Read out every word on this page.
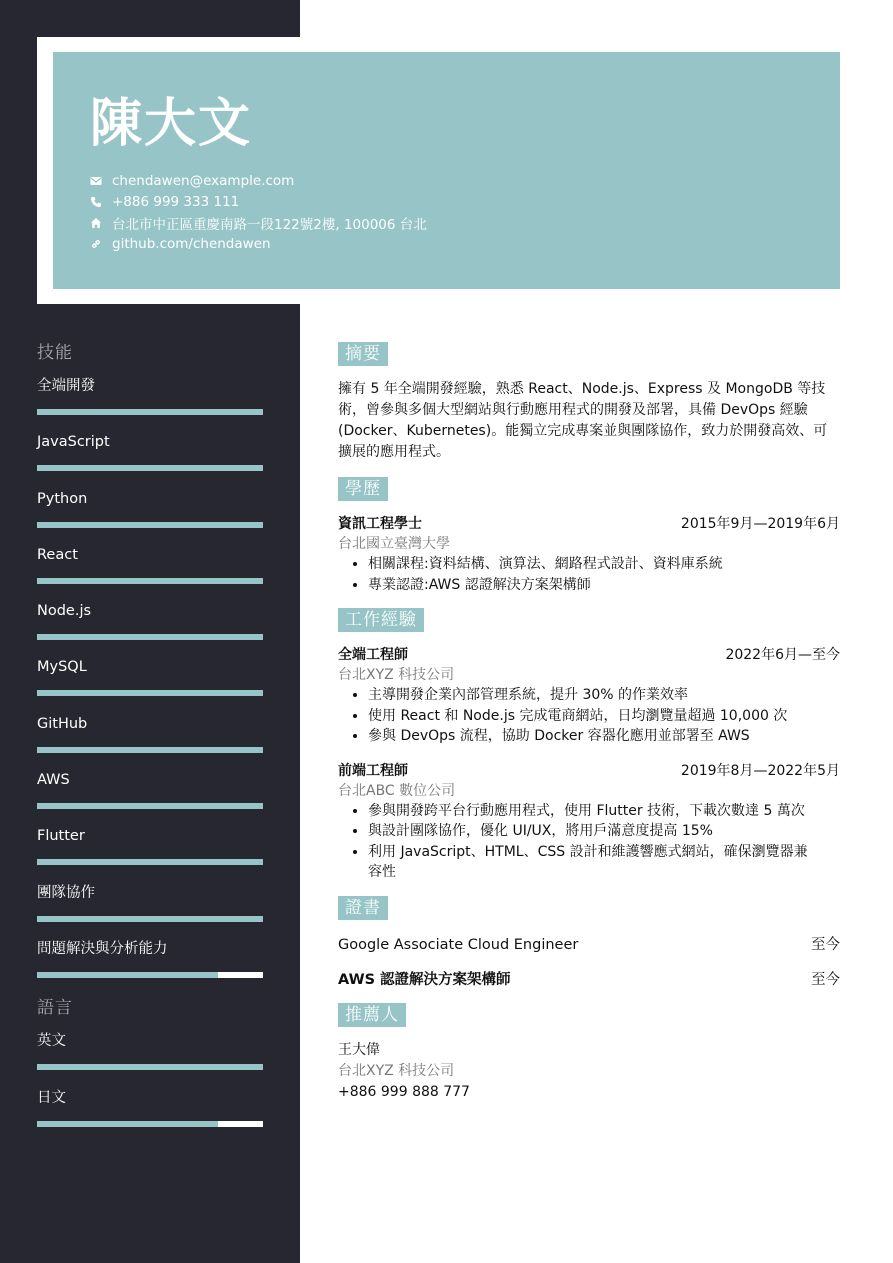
陳大文
chendawen@example.com
+886 999 333 111
台北市中正區重慶南路一段122號2樓, 100006 台北
github.com/chendawen
技能
全端開發
JavaScript
Python
React
Node.js
MySQL
GitHub
AWS
Flutter
團隊協作
問題解決與分析能力
語言
英文
日文
摘要
擁有 5 年全端開發經驗，熟悉 React、Node.js、Express 及 MongoDB 等技術，曾參與多個大型網站與行動應用程式的開發及部署，具備 DevOps 經驗(Docker、Kubernetes)。能獨立完成專案並與團隊協作，致力於開發高效、可擴展的應用程式。
學歷
資訊工程學士	2015年9月—2019年6月
台北國立臺灣大學
• 相關課程:資料結構、演算法、網路程式設計、資料庫系統
• 專業認證:AWS 認證解決方案架構師
工作經驗
全端工程師	2022年6月—至今
台北XYZ 科技公司
• 主導開發企業內部管理系統，提升 30% 的作業效率
• 使用 React 和 Node.js 完成電商網站，日均瀏覽量超過 10,000 次
• 參與 DevOps 流程，協助 Docker 容器化應用並部署至 AWS
前端工程師	2019年8月—2022年5月
台北ABC 數位公司
• 參與開發跨平台行動應用程式，使用 Flutter 技術，下載次數達 5 萬次
• 與設計團隊協作，優化 UI/UX，將用戶滿意度提高 15%
• 利用 JavaScript、HTML、CSS 設計和維護響應式網站，確保瀏覽器兼容性
證書
Google Associate Cloud Engineer	至今
AWS 認證解決方案架構師	至今
推薦人
王大偉
台北XYZ 科技公司
+886 999 888 777
